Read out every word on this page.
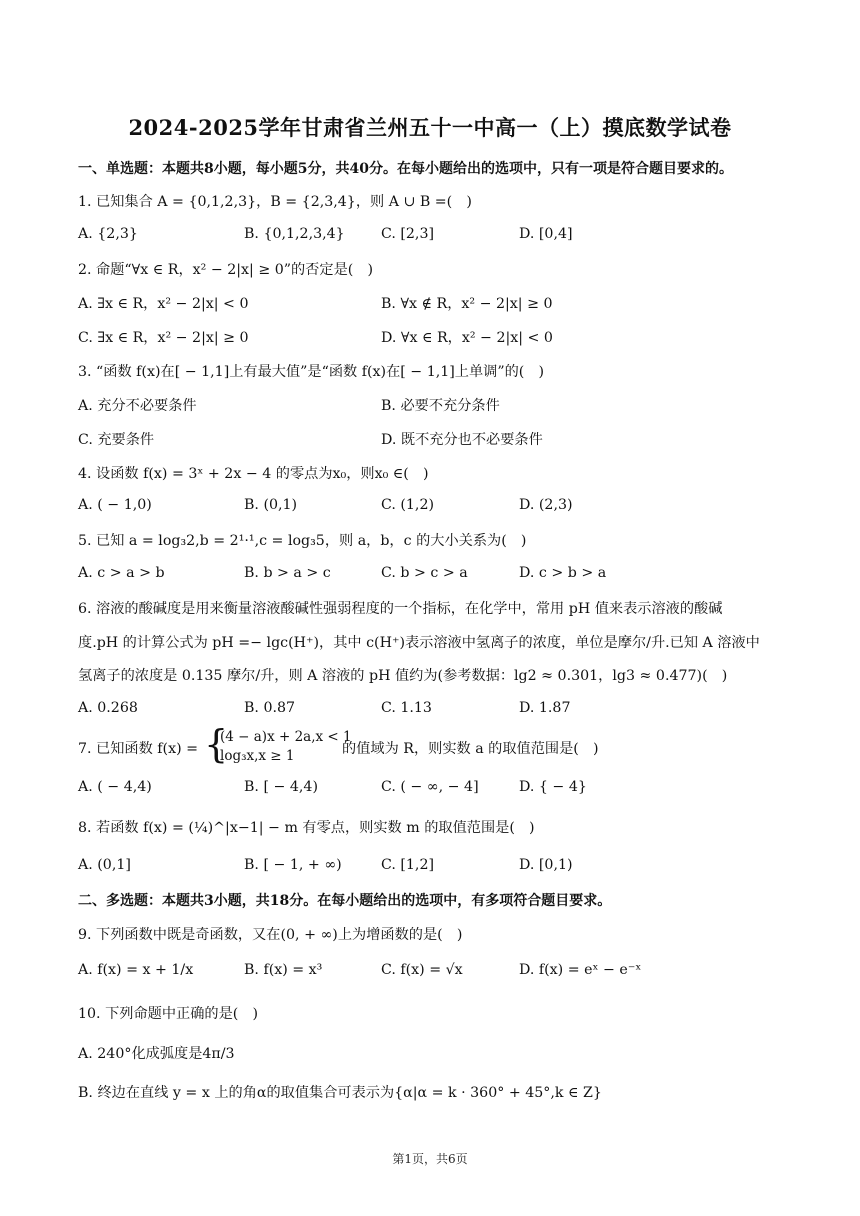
2024-2025学年甘肃省兰州五十一中高一（上）摸底数学试卷
一、单选题：本题共8小题，每小题5分，共40分。在每小题给出的选项中，只有一项是符合题目要求的。
1. 已知集合 A = {0,1,2,3}，B = {2,3,4}，则 A ∪ B =(　)
A. {2,3}	B. {0,1,2,3,4}	C. [2,3]	D. [0,4]
2. 命题“∀x ∈ R，x² − 2|x| ≥ 0”的否定是(　)
A. ∃x ∈ R，x² − 2|x| < 0	B. ∀x ∉ R，x² − 2|x| ≥ 0
C. ∃x ∈ R，x² − 2|x| ≥ 0	D. ∀x ∈ R，x² − 2|x| < 0
3. “函数 f(x)在[ − 1,1]上有最大值”是“函数 f(x)在[ − 1,1]上单调”的(　)
A. 充分不必要条件	B. 必要不充分条件
C. 充要条件	D. 既不充分也不必要条件
4. 设函数 f(x) = 3ˣ + 2x − 4 的零点为x₀，则x₀ ∈(　)
A. ( − 1,0)	B. (0,1)	C. (1,2)	D. (2,3)
5. 已知 a = log₃2,b = 2¹·¹,c = log₃5，则 a，b，c 的大小关系为(　)
A. c > a > b	B. b > a > c	C. b > c > a	D. c > b > a
6. 溶液的酸碱度是用来衡量溶液酸碱性强弱程度的一个指标，在化学中，常用 pH 值来表示溶液的酸碱
度.pH 的计算公式为 pH =− lgc(H⁺)，其中 c(H⁺)表示溶液中氢离子的浓度，单位是摩尔/升.已知 A 溶液中
氢离子的浓度是 0.135 摩尔/升，则 A 溶液的 pH 值约为(参考数据：lg2 ≈ 0.301，lg3 ≈ 0.477)(　)
A. 0.268	B. 0.87	C. 1.13	D. 1.87
7. 已知函数 f(x) = {
(4 − a)x + 2a,x < 1
log₃x,x ≥ 1	的值域为 R，则实数 a 的取值范围是(　)
A. ( − 4,4)	B. [ − 4,4)	C. ( − ∞, − 4]	D. { − 4}
8. 若函数 f(x) = (¼)^|x−1| − m 有零点，则实数 m 的取值范围是(　)
A. (0,1]	B. [ − 1, + ∞)	C. [1,2]	D. [0,1)
二、多选题：本题共3小题，共18分。在每小题给出的选项中，有多项符合题目要求。
9. 下列函数中既是奇函数，又在(0, + ∞)上为增函数的是(　)
A. f(x) = x + 1/x	B. f(x) = x³	C. f(x) = √x	D. f(x) = eˣ − e⁻ˣ
10. 下列命题中正确的是(　)
A. 240°化成弧度是4π/3
B. 终边在直线 y = x 上的角α的取值集合可表示为{α|α = k · 360° + 45°,k ∈ Z}
第1页，共6页
